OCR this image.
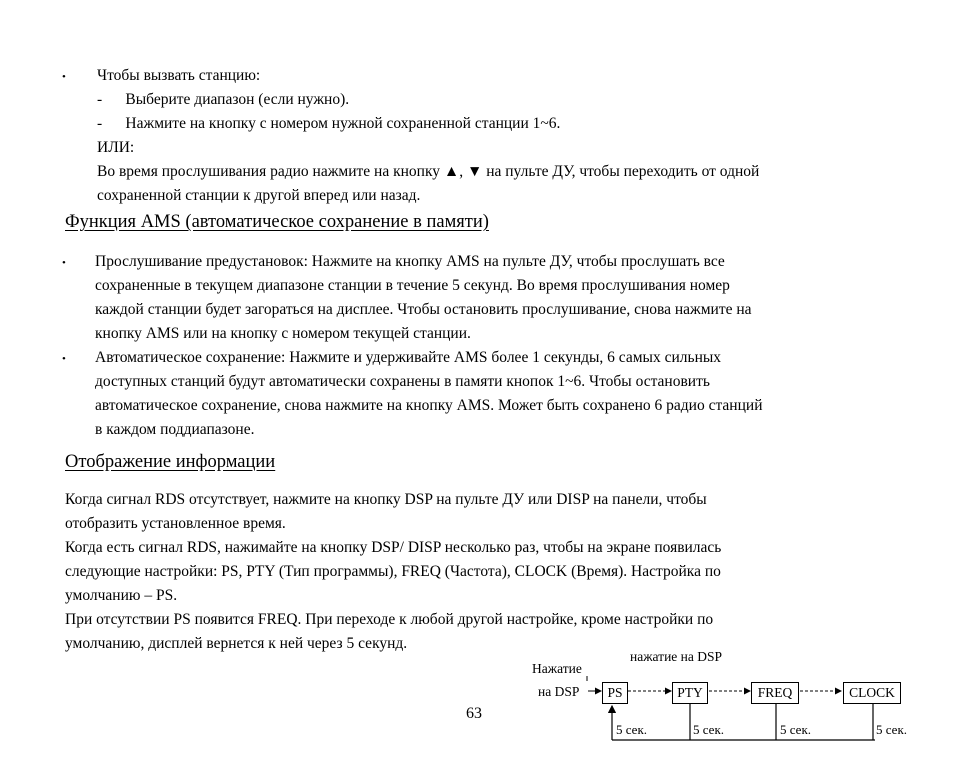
•	Чтобы вызвать станцию:
-      Выберите диапазон (если нужно).
-      Нажмите на кнопку с номером нужной сохраненной станции 1~6.
ИЛИ:
Во время прослушивания радио нажмите на кнопку ▲, ▼ на пульте ДУ, чтобы переходить от одной
сохраненной станции к другой вперед или назад.
Функция AMS (автоматическое сохранение в памяти)
•	Прослушивание предустановок: Нажмите на кнопку AMS на пульте ДУ, чтобы прослушать все
сохраненные в текущем диапазоне станции в течение 5 секунд. Во время прослушивания номер
каждой станции будет загораться на дисплее. Чтобы остановить прослушивание, снова нажмите на
кнопку AMS или на кнопку с номером текущей станции.
•	Автоматическое сохранение: Нажмите и удерживайте AMS более 1 секунды, 6 самых сильных
доступных станций будут автоматически сохранены в памяти кнопок 1~6. Чтобы остановить
автоматическое сохранение, снова нажмите на кнопку AMS. Может быть сохранено 6 радио станций
в каждом поддиапазоне.
Отображение информации
Когда сигнал RDS отсутствует, нажмите на кнопку DSP на пульте ДУ или DISP на панели, чтобы
отобразить установленное время.
Когда есть сигнал RDS, нажимайте на кнопку DSP/ DISP несколько раз, чтобы на экране появилась
следующие настройки: PS, PTY (Тип программы), FREQ (Частота), CLOCK (Время). Настройка по
умолчанию – PS.
При отсутствии PS появится FREQ. При переходе к любой другой настройке, кроме настройки по
умолчанию, дисплей вернется к ней через 5 секунд.
Нажатие
на DSP
нажатие на DSP
PS	PTY	FREQ	CLOCK
5 сек.	5 сек.	5 сек.	5 сек.
63
